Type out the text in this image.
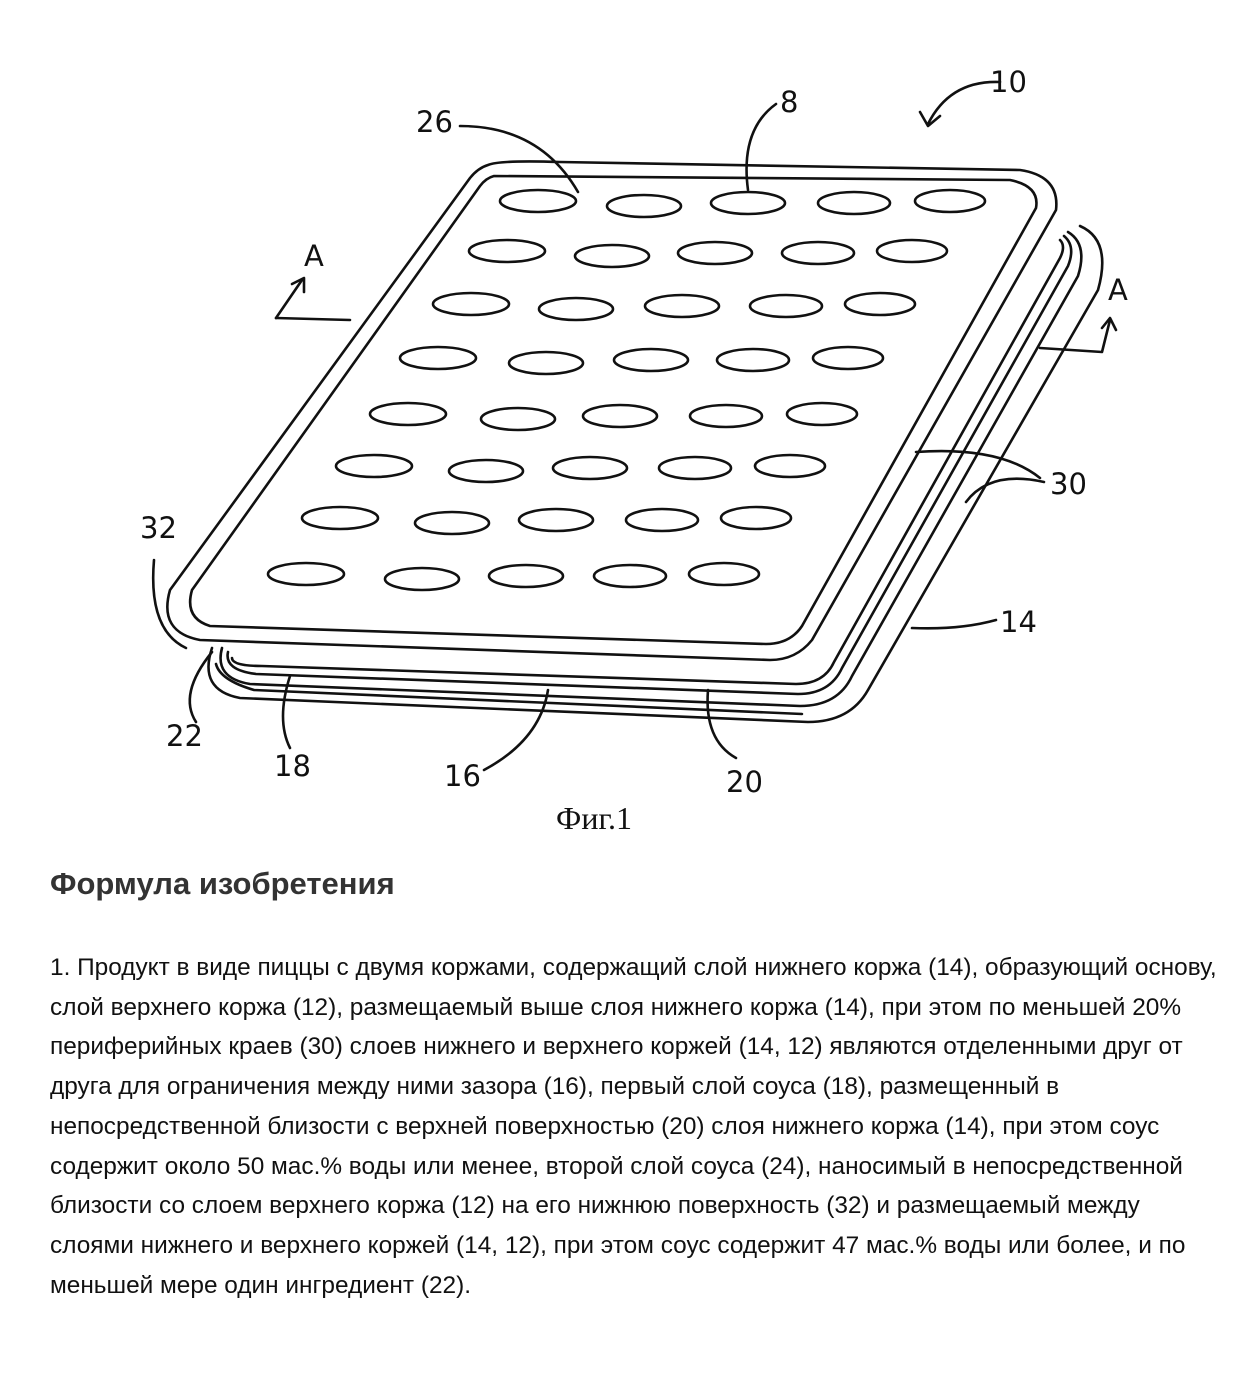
10
8
26
A
A
30
32
14
22
18	16	20
Фиг.1
Формула изобретения

1. Продукт в виде пиццы с двумя коржами, содержащий слой нижнего коржа (14), образующий основу, слой верхнего коржа (12), размещаемый выше слоя нижнего коржа (14), при этом по меньшей 20% периферийных краев (30) слоев нижнего и верхнего коржей (14, 12) являются отделенными друг от друга для ограничения между ними зазора (16), первый слой соуса (18), размещенный в непосредственной близости с верхней поверхностью (20) слоя нижнего коржа (14), при этом соус содержит около 50 мас.% воды или менее, второй слой соуса (24), наносимый в непосредственной близости со слоем верхнего коржа (12) на его нижнюю поверхность (32) и размещаемый между слоями нижнего и верхнего коржей (14, 12), при этом соус содержит 47 мас.% воды или более, и по меньшей мере один ингредиент (22).
